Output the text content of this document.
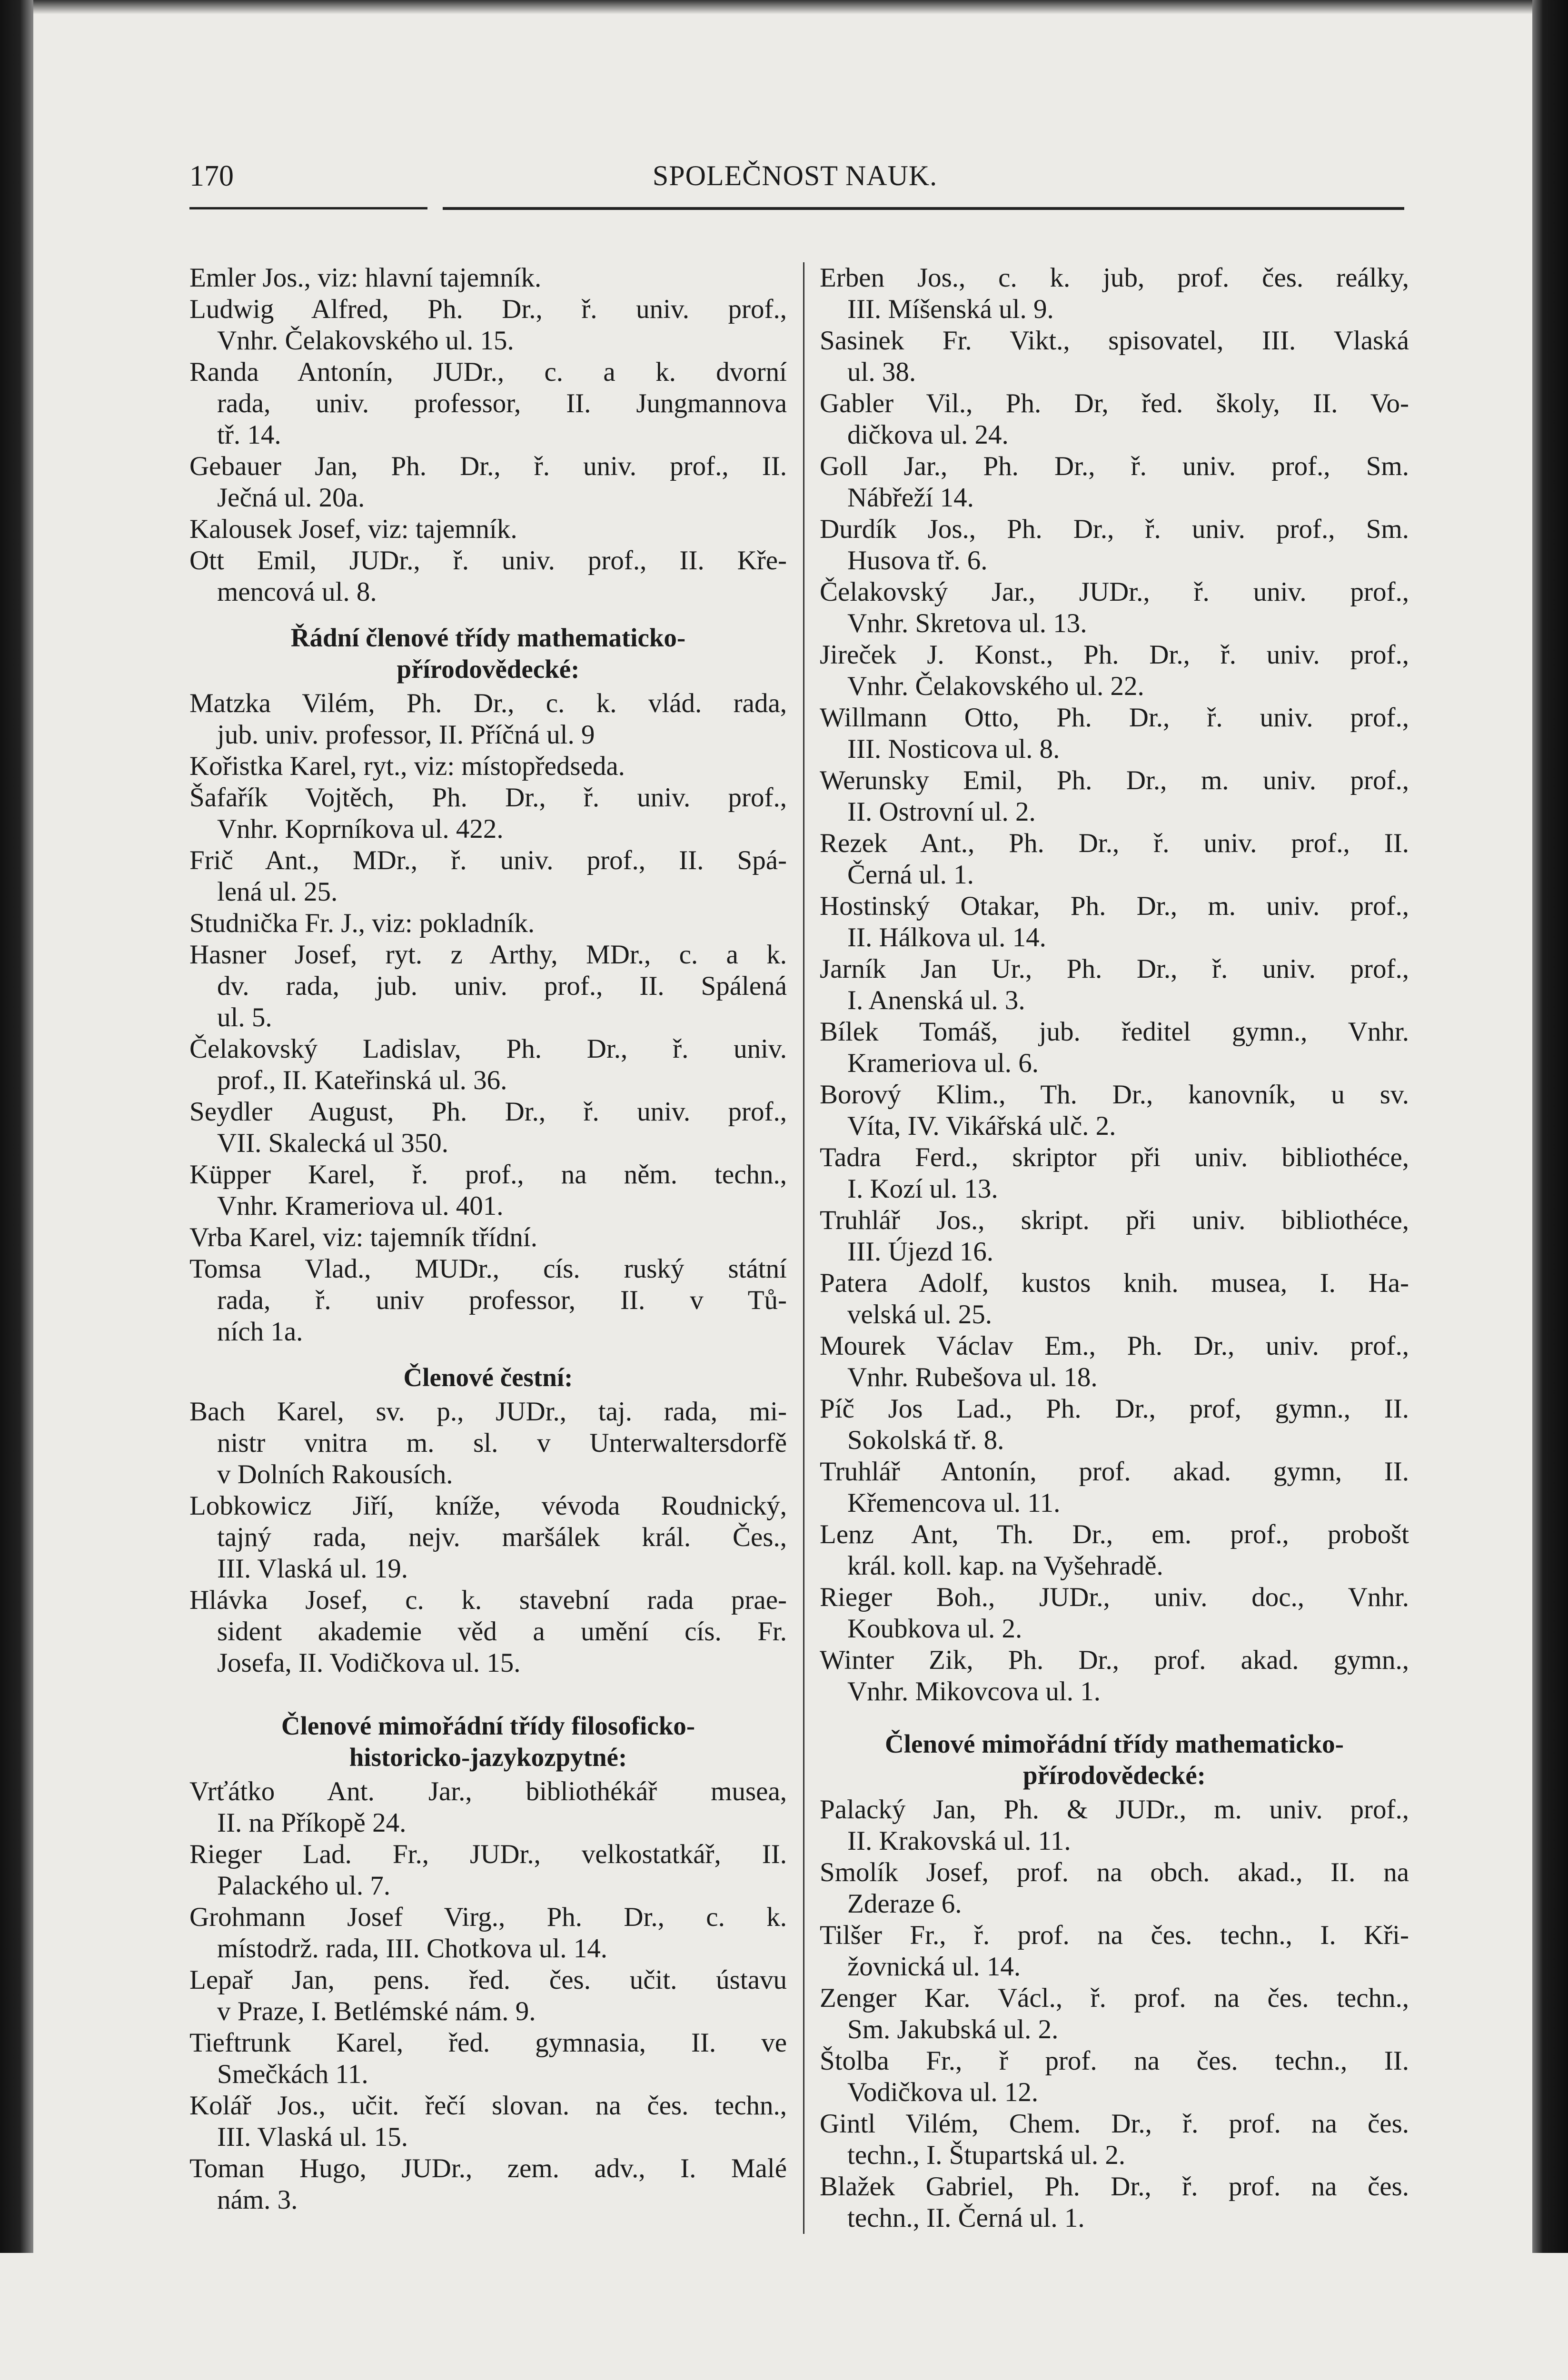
170	SPOLEČNOST NAUK.
Emler Jos., viz: hlavní tajemník.
Ludwig Alfred, Ph. Dr., ř. univ. prof.,
Vnhr. Čelakovského ul. 15.
Randa Antonín, JUDr., c. a k. dvorní
rada, univ. professor, II. Jungmannova
tř. 14.
Gebauer Jan, Ph. Dr., ř. univ. prof., II.
Ječná ul. 20a.
Kalousek Josef, viz: tajemník.
Ott Emil, JUDr., ř. univ. prof., II. Kře-
mencová ul. 8.
Řádní členové třídy mathematicko-
přírodovědecké:
Matzka Vilém, Ph. Dr., c. k. vlád. rada,
jub. univ. professor, II. Příčná ul. 9
Kořistka Karel, ryt., viz: místopředseda.
Šafařík Vojtěch, Ph. Dr., ř. univ. prof.,
Vnhr. Koprníkova ul. 422.
Frič Ant., MDr., ř. univ. prof., II. Spá-
lená ul. 25.
Studnička Fr. J., viz: pokladník.
Hasner Josef, ryt. z Arthy, MDr., c. a k.
dv. rada, jub. univ. prof., II. Spálená
ul. 5.
Čelakovský Ladislav, Ph. Dr., ř. univ.
prof., II. Kateřinská ul. 36.
Seydler August, Ph. Dr., ř. univ. prof.,
VII. Skalecká ul 350.
Küpper Karel, ř. prof., na něm. techn.,
Vnhr. Krameriova ul. 401.
Vrba Karel, viz: tajemník třídní.
Tomsa Vlad., MUDr., cís. ruský státní
rada, ř. univ professor, II. v Tů-
ních 1a.
Členové čestní:
Bach Karel, sv. p., JUDr., taj. rada, mi-
nistr vnitra m. sl. v Unterwaltersdorfě
v Dolních Rakousích.
Lobkowicz Jiří, kníže, vévoda Roudnický,
tajný rada, nejv. maršálek král. Čes.,
III. Vlaská ul. 19.
Hlávka Josef, c. k. stavební rada prae-
sident akademie věd a umění cís. Fr.
Josefa, II. Vodičkova ul. 15.
Členové mimořádní třídy filosoficko-
historicko-jazykozpytné:
Vrťátko Ant. Jar., bibliothékář musea,
II. na Příkopě 24.
Rieger Lad. Fr., JUDr., velkostatkář, II.
Palackého ul. 7.
Grohmann Josef Virg., Ph. Dr., c. k.
místodrž. rada, III. Chotkova ul. 14.
Lepař Jan, pens. řed. čes. učit. ústavu
v Praze, I. Betlémské nám. 9.
Tieftrunk Karel, řed. gymnasia, II. ve
Smečkách 11.
Kolář Jos., učit. řečí slovan. na čes. techn.,
III. Vlaská ul. 15.
Toman Hugo, JUDr., zem. adv., I. Malé
nám. 3.
Erben Jos., c. k. jub, prof. čes. reálky,
III. Míšenská ul. 9.
Sasinek Fr. Vikt., spisovatel, III. Vlaská
ul. 38.
Gabler Vil., Ph. Dr, řed. školy, II. Vo-
dičkova ul. 24.
Goll Jar., Ph. Dr., ř. univ. prof., Sm.
Nábřeží 14.
Durdík Jos., Ph. Dr., ř. univ. prof., Sm.
Husova tř. 6.
Čelakovský Jar., JUDr., ř. univ. prof.,
Vnhr. Skretova ul. 13.
Jireček J. Konst., Ph. Dr., ř. univ. prof.,
Vnhr. Čelakovského ul. 22.
Willmann Otto, Ph. Dr., ř. univ. prof.,
III. Nosticova ul. 8.
Werunsky Emil, Ph. Dr., m. univ. prof.,
II. Ostrovní ul. 2.
Rezek Ant., Ph. Dr., ř. univ. prof., II.
Černá ul. 1.
Hostinský Otakar, Ph. Dr., m. univ. prof.,
II. Hálkova ul. 14.
Jarník Jan Ur., Ph. Dr., ř. univ. prof.,
I. Anenská ul. 3.
Bílek Tomáš, jub. ředitel gymn., Vnhr.
Krameriova ul. 6.
Borový Klim., Th. Dr., kanovník, u sv.
Víta, IV. Vikářská ulč. 2.
Tadra Ferd., skriptor při univ. bibliothéce,
I. Kozí ul. 13.
Truhlář Jos., skript. při univ. bibliothéce,
III. Újezd 16.
Patera Adolf, kustos knih. musea, I. Ha-
velská ul. 25.
Mourek Václav Em., Ph. Dr., univ. prof.,
Vnhr. Rubešova ul. 18.
Píč Jos Lad., Ph. Dr., prof, gymn., II.
Sokolská tř. 8.
Truhlář Antonín, prof. akad. gymn, II.
Křemencova ul. 11.
Lenz Ant, Th. Dr., em. prof., probošt
král. koll. kap. na Vyšehradě.
Rieger Boh., JUDr., univ. doc., Vnhr.
Koubkova ul. 2.
Winter Zik, Ph. Dr., prof. akad. gymn.,
Vnhr. Mikovcova ul. 1.
Členové mimořádní třídy mathematicko-
přírodovědecké:
Palacký Jan, Ph. & JUDr., m. univ. prof.,
II. Krakovská ul. 11.
Smolík Josef, prof. na obch. akad., II. na
Zderaze 6.
Tilšer Fr., ř. prof. na čes. techn., I. Kři-
žovnická ul. 14.
Zenger Kar. Václ., ř. prof. na čes. techn.,
Sm. Jakubská ul. 2.
Štolba Fr., ř prof. na čes. techn., II.
Vodičkova ul. 12.
Gintl Vilém, Chem. Dr., ř. prof. na čes.
techn., I. Štupartská ul. 2.
Blažek Gabriel, Ph. Dr., ř. prof. na čes.
techn., II. Černá ul. 1.
